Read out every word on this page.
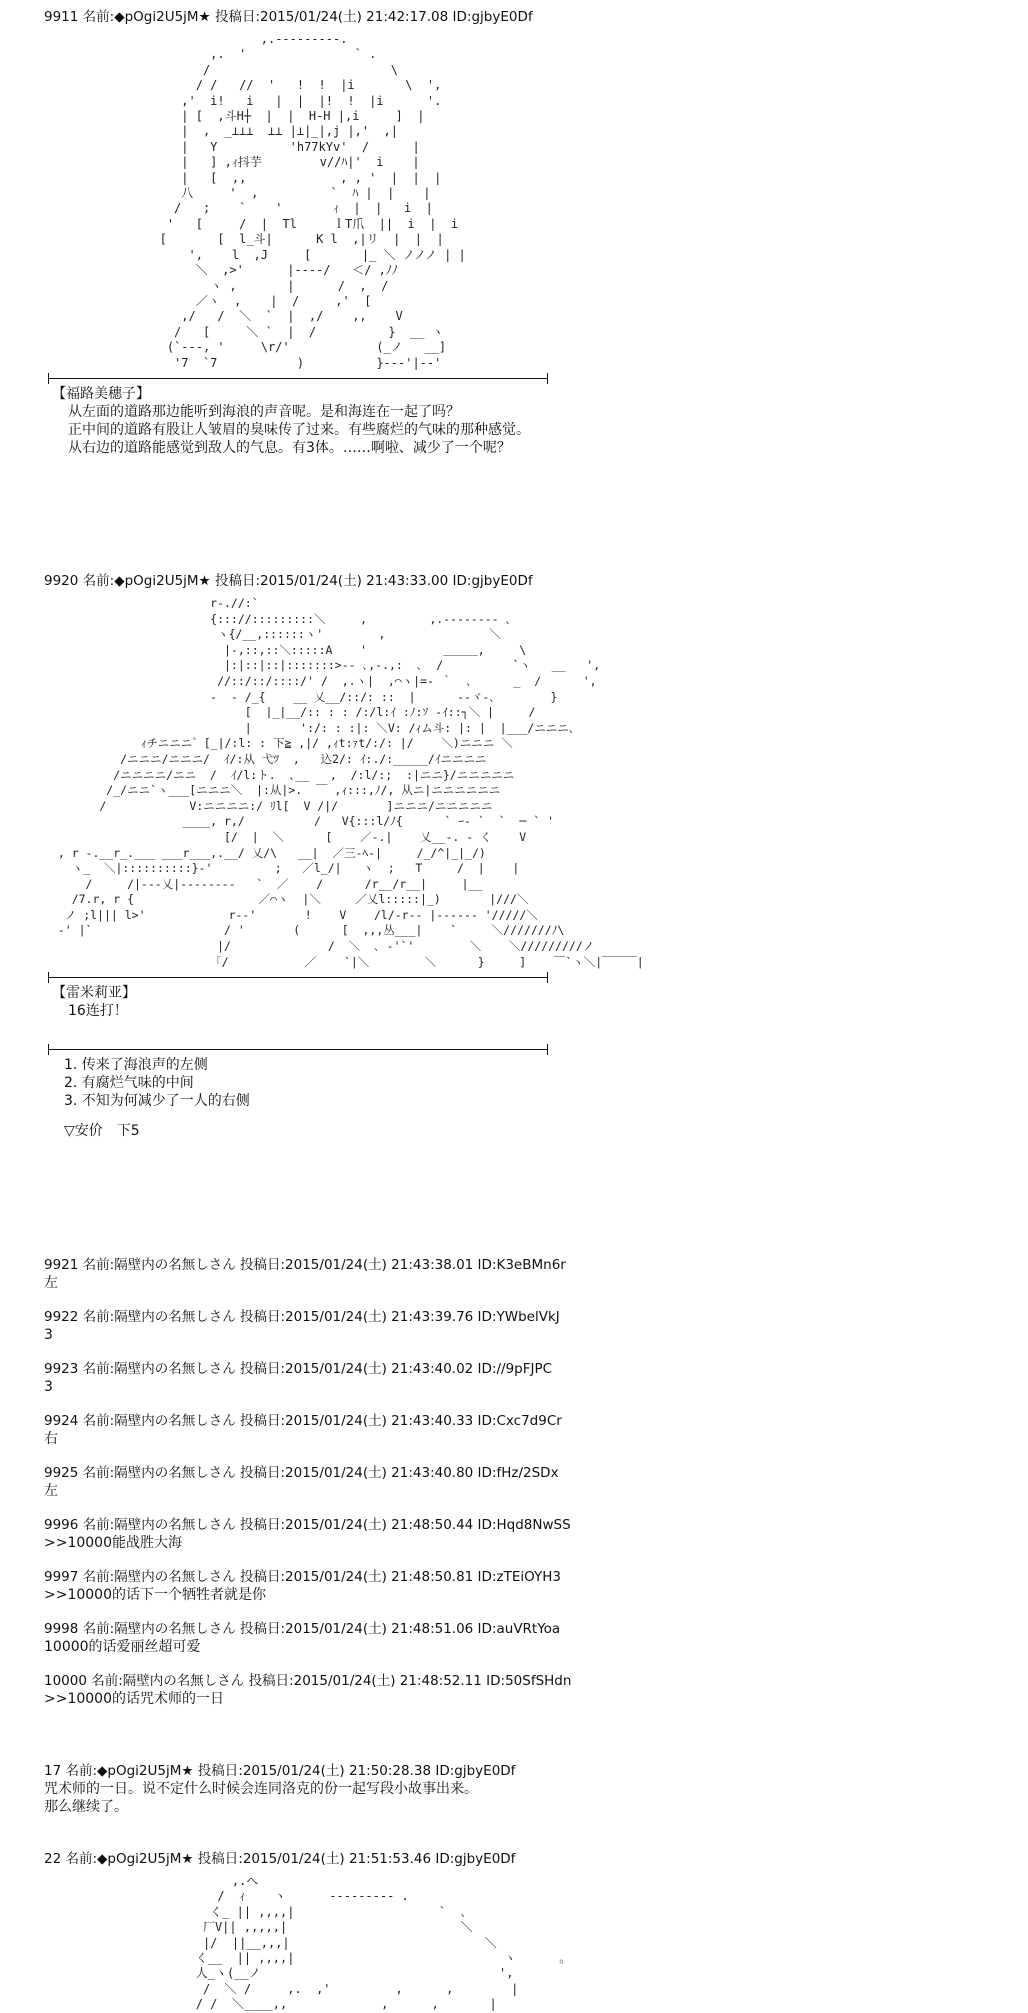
9911 名前:◆pOgi2U5jM★ 投稿日:2015/01/24(土) 21:42:17.08 ID:gjbyE0Df
,.---------.
,.  '               ` .
/                         \
/ /   //  '   !  !  |i       \  ',
,'  i!   i   |  |  |!  !  |i      '.
| [  ,斗H┼  |  |  H-H |,i     ]  |
|  ,  _⊥⊥⊥  ⊥⊥ |⊥|_|,j |,'  ,|
|   Y          'h77kYv'  /      |
|   ] ,ｨ抖芋        v//ﾊ|'  i    |
|   [  ,,             , , '  |  |  |
八     '  ,          `  ﾊ |  |    |
/   ;    `    '       ｨ  |  |   i  |
'   [     /  |  Tl     ｌT爪  ||  i  |  i
[       [  l_斗|      K l  ,|リ  |  |  |
',    l  ,J     [       |_ ＼ ノノノ | |
＼  ,>'      |----/   ＜/ ,ﾉﾉ
ヽ ,       |      /  ,  /
／ヽ  ,    |  /     ,'  [
,/   /  ＼  `  |  ,/    ,,    V
/   [     ＼ `  |  /          }  __ ヽ
(`---, '     \r/'            (_ノ   __]
'7  `7           )          }---'|--'
【福路美穗子】
从左面的道路那边能听到海浪的声音呢。是和海连在一起了吗？
正中间的道路有股让人皱眉的臭味传了过来。有些腐烂的气味的那种感觉。
从右边的道路能感觉到敌人的气息。有3体。……啊啦、减少了一个呢？
9920 名前:◆pOgi2U5jM★ 投稿日:2015/01/24(土) 21:43:33.00 ID:gjbyE0Df
r-.//:`
{::://:::::::::＼     ,         ,.-------- ､
ヽ{/__,::::::ヽ'        ,               ＼
|-,::,::＼:::::A    '           ＿＿＿,     \
|:|::|::|:::::::>-- ､,-.,:  ､  /          `ヽ   __   ',
//::/::/::::/' /  ,.ヽ|  ,⌒ヽ|=- ｀  ､      _  /      ',
-  ‐ /_{    __ 乂__/::/: ::  |      ‐-ヾ-､        }
[  |_|__/:: : : /:/l:ｲ :ﾉ:ｿ -ｲ::┐＼ |     /
|       ':/: : :|: ＼V: /ｨム斗: |: |  |___/ニニニ､
ｨチニニニ゛[_|/:l: : 下≧ ,|/ ,ｨt:ｧt/:/: |/    ＼)ニニニ ＼
/ニニニ/ニニニ/  ｲ/:从 弋ﾂ  ,   込2/: ｲ:./:_____/ｲニニニニ
/ニニニニ/ニニ  /  ｲ/l:ト.  ､__   ,  /:l/:;  :|ニニ}/ニニニニニ
/_/ニニ`ヽ___[ニニニ＼  |:从|>.  ￣ ,ｨ:::,ﾉ/, 从ニ|ニニニニニニ
/            V:ニニニニ:/ ﾘl[  V /|/       ]ニニニ/ニニニニニ
____, r,/          /   V{:::l/ﾉ{      ` ｰ- `  `  ─ ` '
[/  |  ＼      [    ／-.|    乂__-. - く    V
, r -.__r_.___ ___r___,.__/ 乂/\   __|  ／三-ﾍ-|     /_/^|_|_/)
ヽ_  ＼|::::::::::}-'         ;   ／l_/|   ヽ  ;   T     /  |    |
/     /|---乂|--------   `  ／    /      /r__/r__|     |__
/7.r, r {                  ／⌒ヽ  |＼     ／乂l:::::|_)       |///＼
ノ ;l||| l>'            r--'       !    V    /l/-r-- |------ '/////＼
-' |`                   / '       (      [  ,,,丛___|    `     ＼///////ﾉ\
|/              /  ＼  ､ -'`'        ＼    ＼/////////ノ
「/           ／    `|＼        ＼      }     ]    ￣`ヽ＼|￣￣￣|
【雷米莉亚】
16连打！
1. 传来了海浪声的左侧
2. 有腐烂气味的中间
3. 不知为何减少了一人的右侧
▽安价　下5
9921 名前:隔壁内の名無しさん 投稿日:2015/01/24(土) 21:43:38.01 ID:K3eBMn6r
左
9922 名前:隔壁内の名無しさん 投稿日:2015/01/24(土) 21:43:39.76 ID:YWbelVkJ
3
9923 名前:隔壁内の名無しさん 投稿日:2015/01/24(土) 21:43:40.02 ID://9pFJPC
3
9924 名前:隔壁内の名無しさん 投稿日:2015/01/24(土) 21:43:40.33 ID:Cxc7d9Cr
右
9925 名前:隔壁内の名無しさん 投稿日:2015/01/24(土) 21:43:40.80 ID:fHz/2SDx
左
9996 名前:隔壁内の名無しさん 投稿日:2015/01/24(土) 21:48:50.44 ID:Hqd8NwSS
>>10000能战胜大海
9997 名前:隔壁内の名無しさん 投稿日:2015/01/24(土) 21:48:50.81 ID:zTEiOYH3
>>10000的话下一个牺牲者就是你
9998 名前:隔壁内の名無しさん 投稿日:2015/01/24(土) 21:48:51.06 ID:auVRtYoa
10000的话爱丽丝超可爱
10000 名前:隔壁内の名無しさん 投稿日:2015/01/24(土) 21:48:52.11 ID:50SfSHdn
>>10000的话咒术师的一日
17 名前:◆pOgi2U5jM★ 投稿日:2015/01/24(土) 21:50:28.38 ID:gjbyE0Df
咒术师的一日。说不定什么时候会连同洛克的份一起写段小故事出来。
那么继续了。
22 名前:◆pOgi2U5jM★ 投稿日:2015/01/24(土) 21:51:53.46 ID:gjbyE0Df
,.へ
/  ｨ    ヽ      --------- .
く_ || ,,,,|                    `  ､
厂V|| ,,,,,|                        ＼
|/  ||__,,,|                           ＼
く__  || ,,,,|                             ヽ      。
人_ヽ(__ノ                                 ',
/  ＼ /     ,.  ,'         ,      ,        |
/ /  ＼____,,             ,      ,       |
